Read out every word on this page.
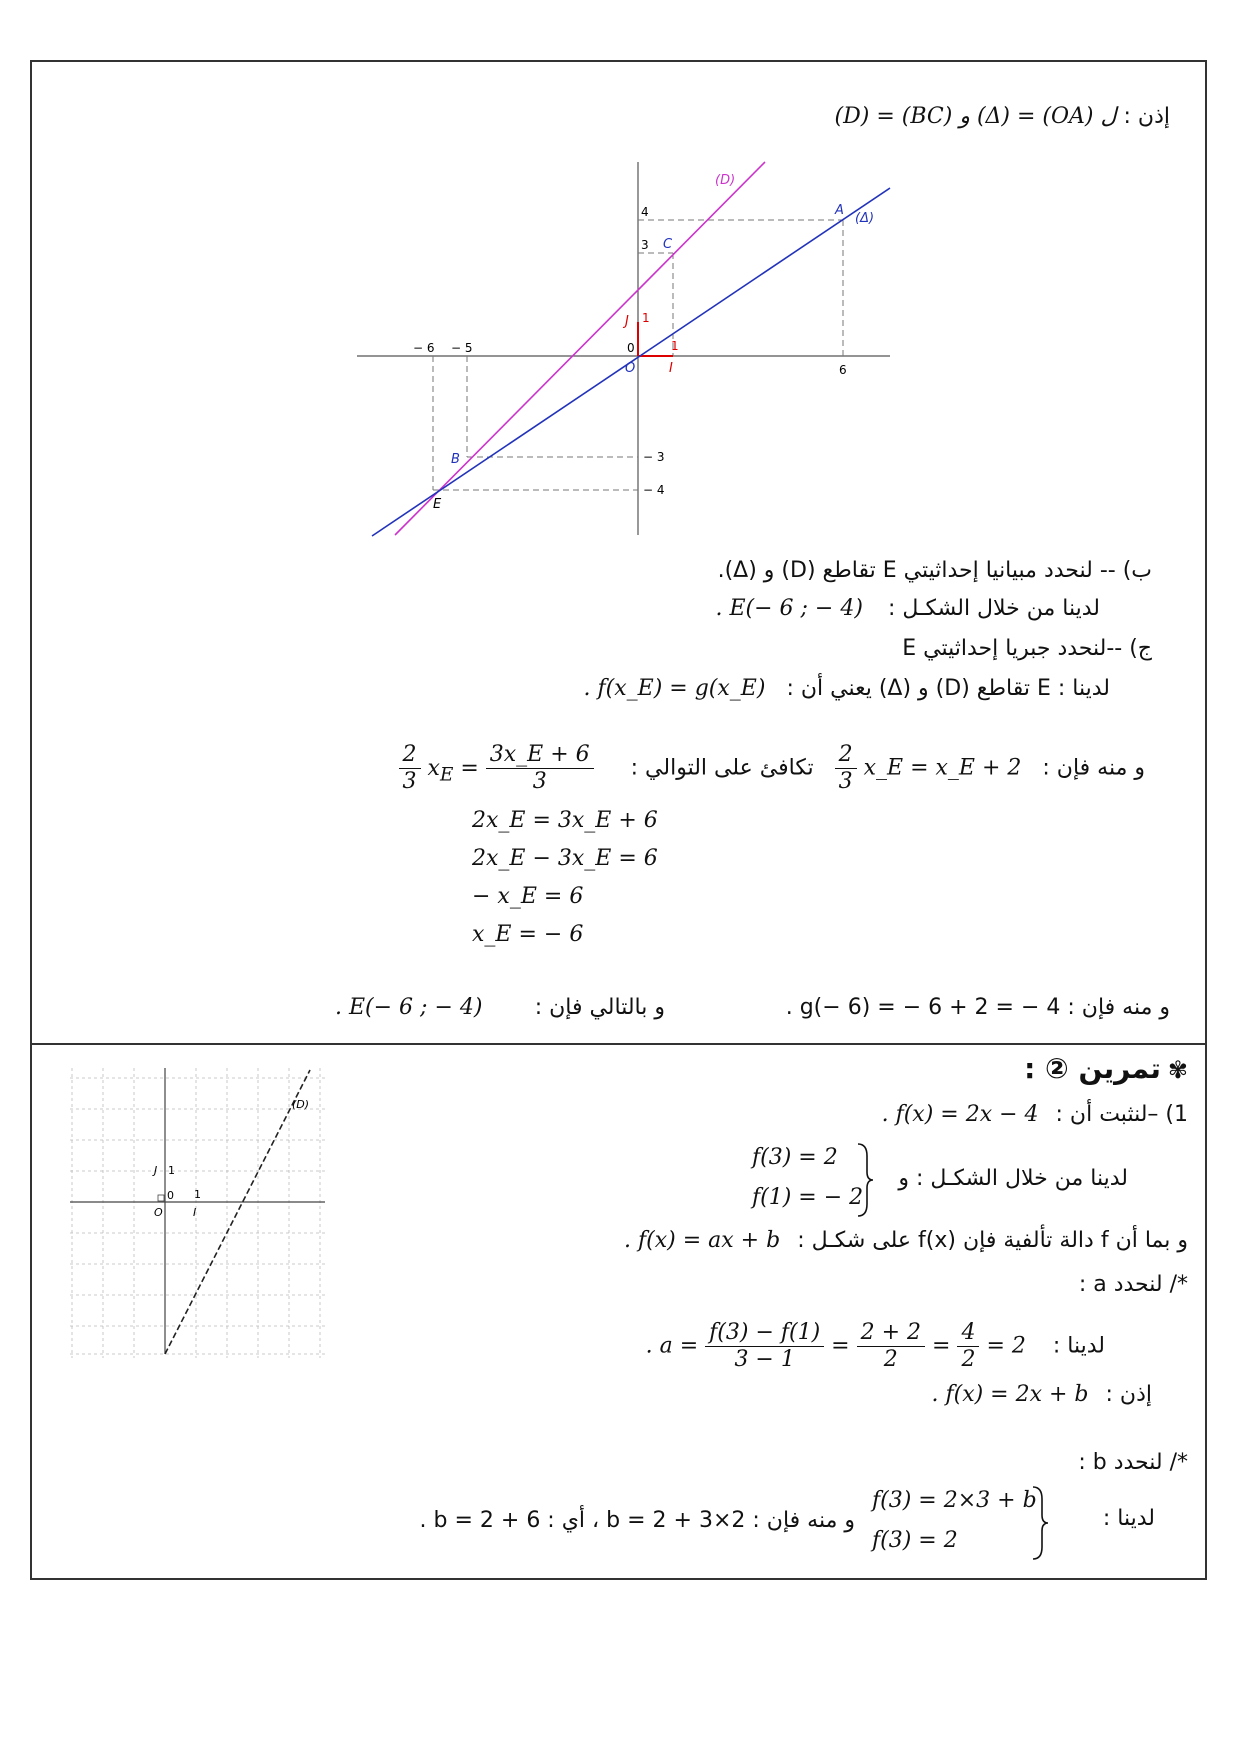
إذن : (D) = (BC) و (Δ) = (OA) ل
(D)
(Δ)
A
C
B
E
O	I
J 1
1
0
4
3
− 3
− 4
− 6 − 5
6
ب) -- لنحدد مبيانيا إحداثيتي E تقاطع (D) و (Δ).
لدينا من خلال الشكـل : . E(− 6 ; − 4)
ج) --لنحدد جبريا إحداثيتي E
لدينا : E تقاطع (D) و (Δ) يعني أن : . f(x_E) = g(x_E)
و منه فإن :
$\frac{2}{3}$ x_E = x_E + 2 تكافئ على التوالي :
$\frac{2}{3} x_E = \frac{3x\_E + 6}{3}$
2x_E = 3x_E + 6
2x_E − 3x_E = 6
− x_E = 6
x_E = − 6
و منه فإن : g(− 6) = − 6 + 2 = − 4 .
و بالتالي فإن :
. E(− 6 ; − 4)
✾ تمرين ② :
(D)
J 1
O
0 1
I
1) –لنثبت أن : . f(x) = 2x − 4
لدينا من خلال الشكـل : و
f(3) = 2
f(1) = − 2
و بما أن f دالة تألفية فإن f(x) على شكـل : . f(x) = ax + b
*/ لنحدد a :
لدينا : . $a = \frac{f(3) - f(1)}{3 - 1} = \frac{2 + 2}{2} = \frac{4}{2} = 2$
إذن : . f(x) = 2x + b
*/ لنحدد b :
لدينا :
f(3) = 2×3 + b
f(3) = 2
و منه فإن : 2×3 + b = 2 ، أي : 6 + b = 2 .
